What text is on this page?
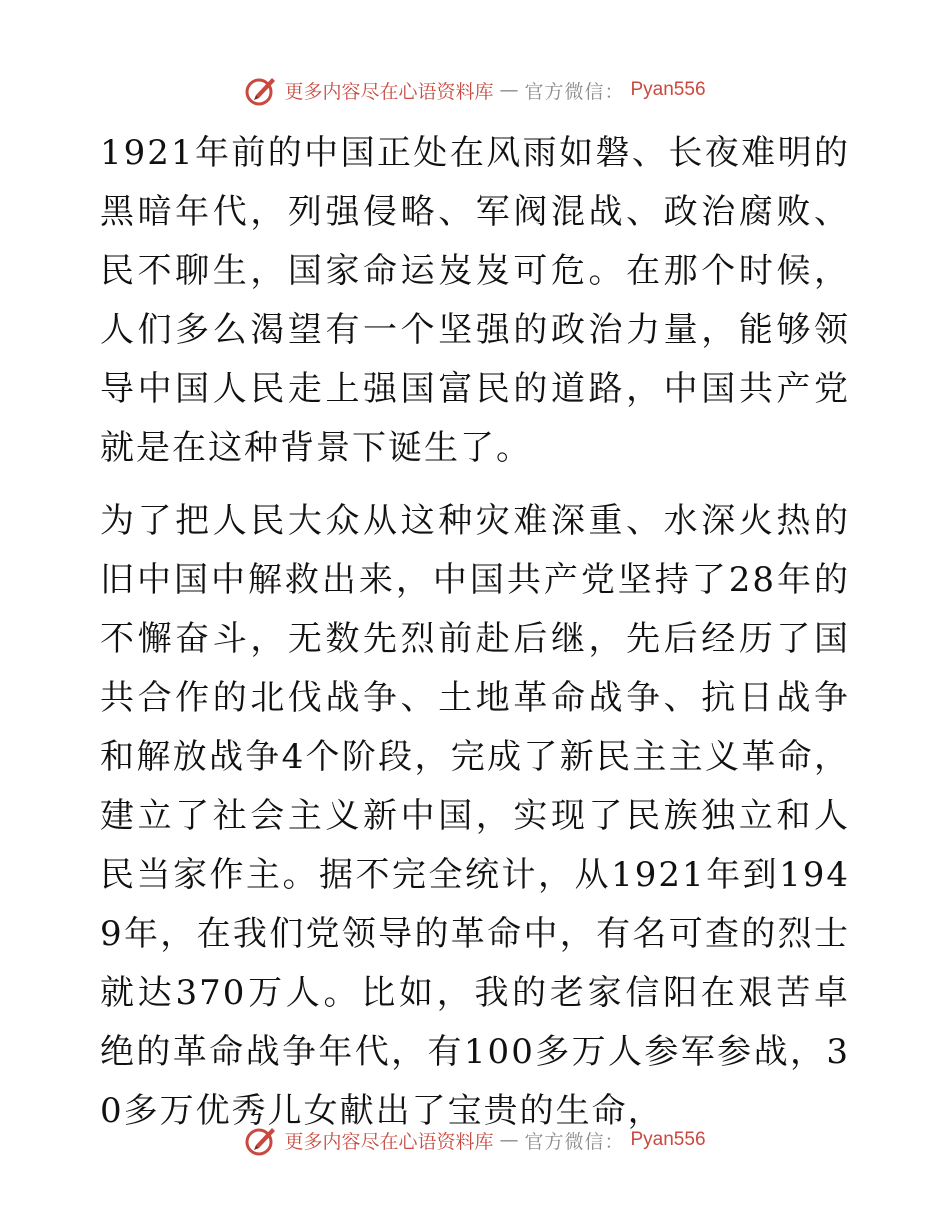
更多内容尽在心语资料库 — 官方微信： Pyan556

1921年前的中国正处在风雨如磐、长夜难明的黑暗年代，列强侵略、军阀混战、政治腐败、民不聊生，国家命运岌岌可危。在那个时候，人们多么渴望有一个坚强的政治力量，能够领导中国人民走上强国富民的道路，中国共产党就是在这种背景下诞生了。

为了把人民大众从这种灾难深重、水深火热的旧中国中解救出来，中国共产党坚持了28年的不懈奋斗，无数先烈前赴后继，先后经历了国共合作的北伐战争、土地革命战争、抗日战争和解放战争4个阶段，完成了新民主主义革命，建立了社会主义新中国，实现了民族独立和人民当家作主。据不完全统计，从1921年到1949年，在我们党领导的革命中，有名可查的烈士就达370万人。比如，我的老家信阳在艰苦卓绝的革命战争年代，有100多万人参军参战，30多万优秀儿女献出了宝贵的生命，

更多内容尽在心语资料库 — 官方微信： Pyan556
